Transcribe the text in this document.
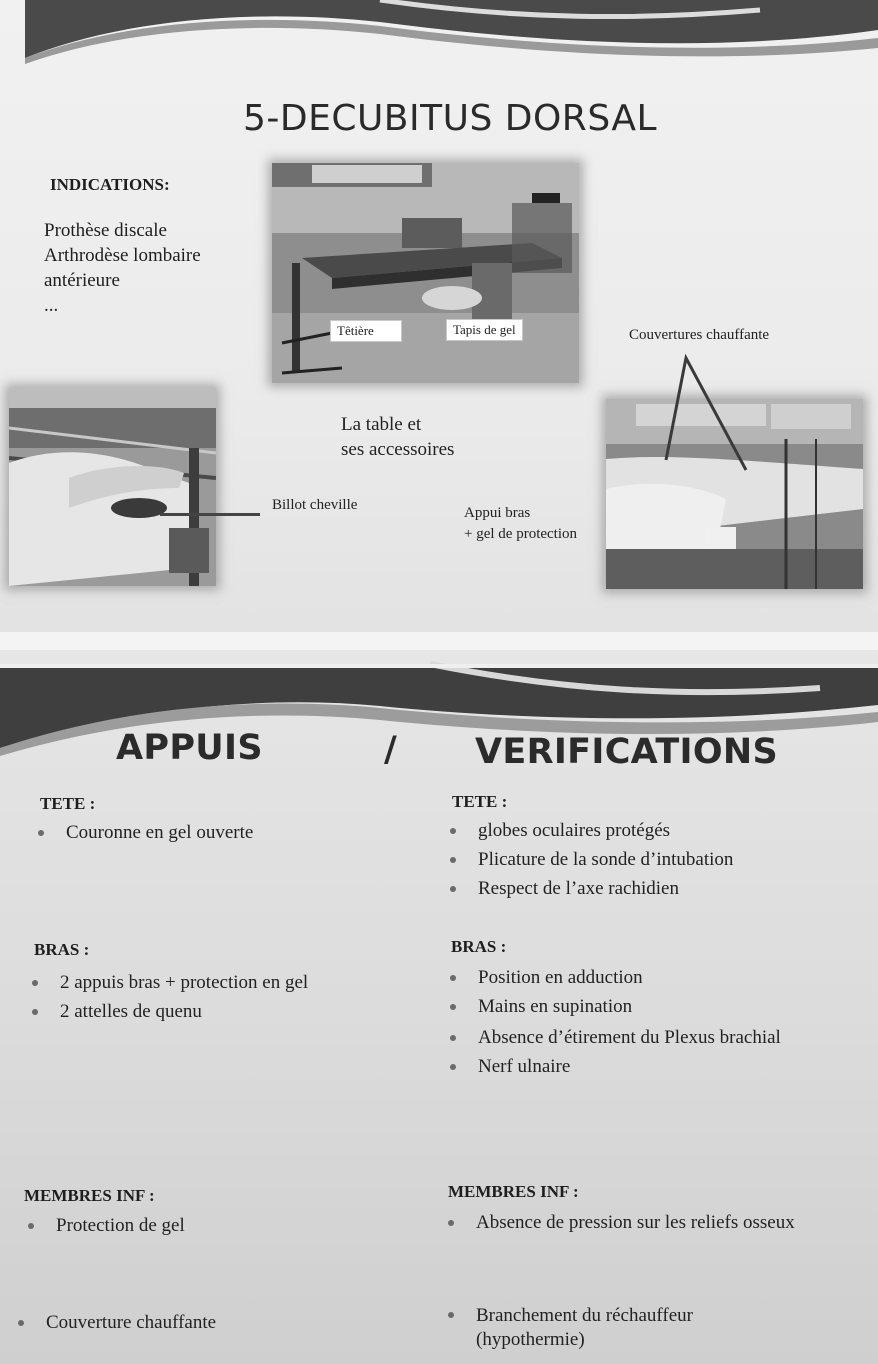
5-DECUBITUS DORSAL
INDICATIONS:
Prothèse discale
Arthrodèse lombaire
antérieure
...
Têtière	Tapis de gel	Couvertures chauffante
Billot cheville
La table et
ses accessoires
Appui bras
+ gel de protection
APPUIS	/ VERIFICATIONS
TETE :
Couronne en gel ouverte
BRAS :
2 appuis bras + protection en gel
2 attelles de quenu
MEMBRES INF :
Protection de gel
Couverture chauffante
TETE :
globes oculaires protégés
Plicature de la sonde d’intubation
Respect de l’axe rachidien
BRAS :
Position en adduction
Mains en supination
Absence d’étirement du Plexus brachial
Nerf ulnaire
MEMBRES INF :
Absence de pression sur les reliefs osseux
Branchement du réchauffeur
(hypothermie)
